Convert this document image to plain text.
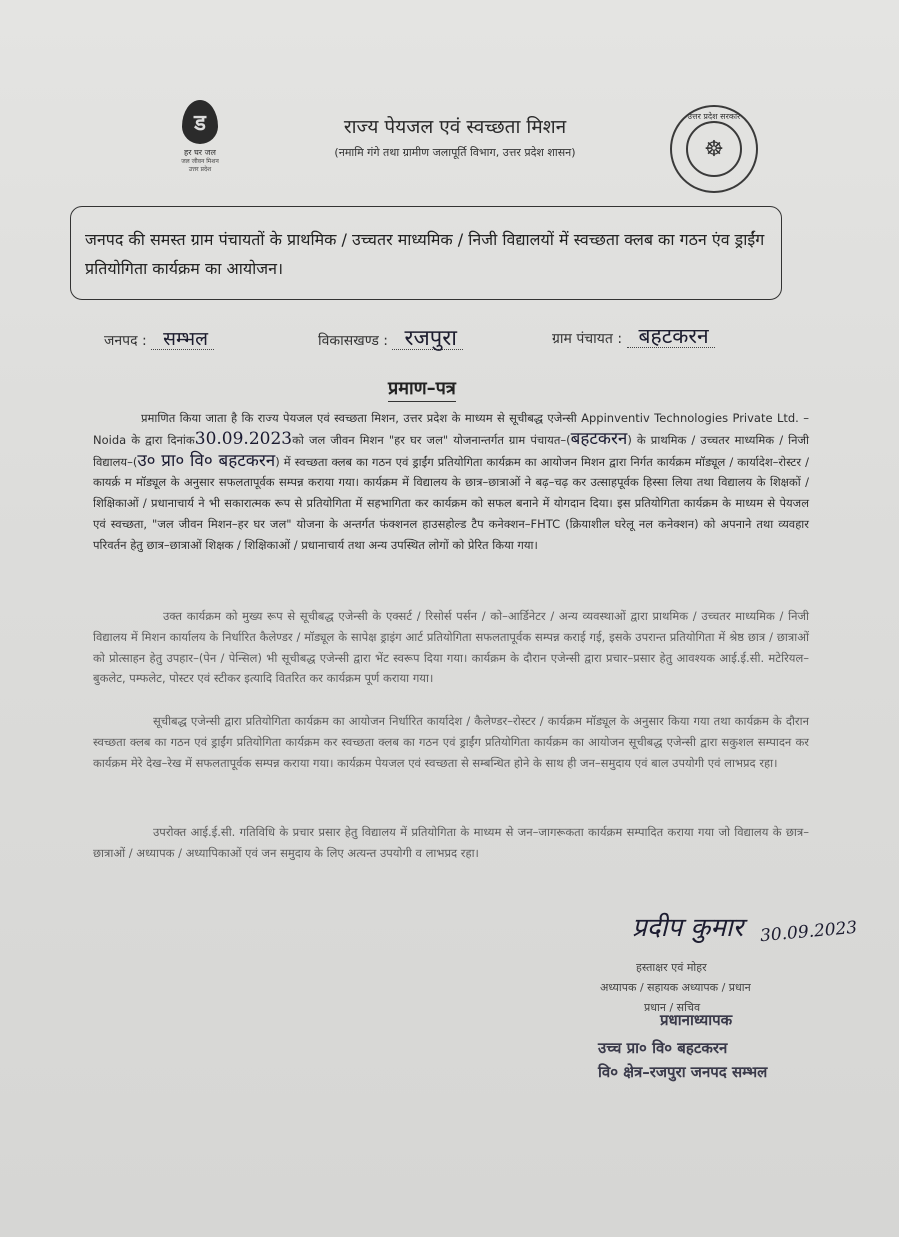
ड
हर घर जल
जल जीवन मिशन
उत्तर प्रदेश
राज्य पेयजल एवं स्वच्छता मिशन
(नमामि गंगे तथा ग्रामीण जलापूर्ति विभाग, उत्तर प्रदेश शासन)
उत्तर प्रदेश सरकार
☸
जनपद की समस्त ग्राम पंचायतों के प्राथमिक / उच्चतर माध्यमिक / निजी विद्यालयों में स्वच्छता क्लब का गठन एंव ड्राईंग प्रतियोगिता कार्यक्रम का आयोजन।
जनपद : सम्भल	विकासखण्ड : रजपुरा	ग्राम पंचायत : बहटकरन
प्रमाण–पत्र
प्रमाणित किया जाता है कि राज्य पेयजल एवं स्वच्छता मिशन, उत्तर प्रदेश के माध्यम से सूचीबद्ध एजेन्सी Appinventiv Technologies Private Ltd. – Noida के द्वारा दिनांक30.09.2023को जल जीवन मिशन "हर घर जल" योजनान्तर्गत ग्राम पंचायत–(बहटकरन) के प्राथमिक / उच्चतर माध्यमिक / निजी विद्यालय–(उ० प्रा० वि० बहटकरन) में स्वच्छता क्लब का गठन एवं ड्राईंग प्रतियोगिता कार्यक्रम का आयोजन मिशन द्वारा निर्गत कार्यक्रम मॉड्यूल / कार्यादेश–रोस्टर / कायर्क्र म मॉड्यूल के अनुसार सफलतापूर्वक सम्पन्न कराया गया। कार्यक्रम में विद्यालय के छात्र–छात्राओं ने बढ़–चढ़ कर उत्साहपूर्वक हिस्सा लिया तथा विद्यालय के शिक्षकों / शिक्षिकाओं / प्रधानाचार्य ने भी सकारात्मक रूप से प्रतियोगिता में सहभागिता कर कार्यक्रम को सफल बनाने में योगदान दिया। इस प्रतियोगिता कार्यक्रम के माध्यम से पेयजल एवं स्वच्छता, "जल जीवन मिशन–हर घर जल" योजना के अन्तर्गत फंक्शनल हाउसहोल्ड टैप कनेक्शन–FHTC (क्रियाशील घरेलू नल कनेक्शन) को अपनाने तथा व्यवहार परिवर्तन हेतु छात्र–छात्राओं शिक्षक / शिक्षिकाओं / प्रधानाचार्य तथा अन्य उपस्थित लोगों को प्रेरित किया गया।
उक्त कार्यक्रम को मुख्य रूप से सूचीबद्ध एजेन्सी के एक्सर्ट / रिसोर्स पर्सन / को–आर्डिनेटर / अन्य व्यवस्थाओं द्वारा प्राथमिक / उच्चतर माध्यमिक / निजी विद्यालय में मिशन कार्यालय के निर्धारित कैलेण्डर / मॉड्यूल के सापेक्ष ड्राइंग आर्ट प्रतियोगिता सफलतापूर्वक सम्पन्न कराई गई, इसके उपरान्त प्रतियोगिता में श्रेष्ठ छात्र / छात्राओं को प्रोत्साहन हेतु उपहार–(पेन / पेन्सिल) भी सूचीबद्ध एजेन्सी द्वारा भेंट स्वरूप दिया गया। कार्यक्रम के दौरान एजेन्सी द्वारा प्रचार–प्रसार हेतु आवश्यक आई.ई.सी. मटेरियल–बुकलेट, पम्फलेट, पोस्टर एवं स्टीकर इत्यादि वितरित कर कार्यक्रम पूर्ण कराया गया।
सूचीबद्ध एजेन्सी द्वारा प्रतियोगिता कार्यक्रम का आयोजन निर्धारित कार्यादेश / कैलेण्डर–रोस्टर / कार्यक्रम मॉड्यूल के अनुसार किया गया तथा कार्यक्रम के दौरान स्वच्छता क्लब का गठन एवं ड्राईंग प्रतियोगिता कार्यक्रम कर स्वच्छता क्लब का गठन एवं ड्राईंग प्रतियोगिता कार्यक्रम का आयोजन सूचीबद्ध एजेन्सी द्वारा सकुशल सम्पादन कर कार्यक्रम मेरे देख–रेख में सफलतापूर्वक सम्पन्न कराया गया। कार्यक्रम पेयजल एवं स्वच्छता से सम्बन्धित होने के साथ ही जन–समुदाय एवं बाल उपयोगी एवं लाभप्रद रहा।
उपरोक्त आई.ई.सी. गतिविधि के प्रचार प्रसार हेतु विद्यालय में प्रतियोगिता के माध्यम से जन–जागरूकता कार्यक्रम सम्पादित कराया गया जो विद्यालय के छात्र–छात्राओं / अध्यापक / अध्यापिकाओं एवं जन समुदाय के लिए अत्यन्त उपयोगी व लाभप्रद रहा।
प्रदीप कुमार 30.09.2023
हस्ताक्षर एवं मोहर
अध्यापक / सहायक अध्यापक / प्रधान
प्रधान / सचिव
प्रधानाध्यापक
उच्च प्रा० वि० बहटकरन
वि० क्षेत्र–रजपुरा जनपद सम्भल
